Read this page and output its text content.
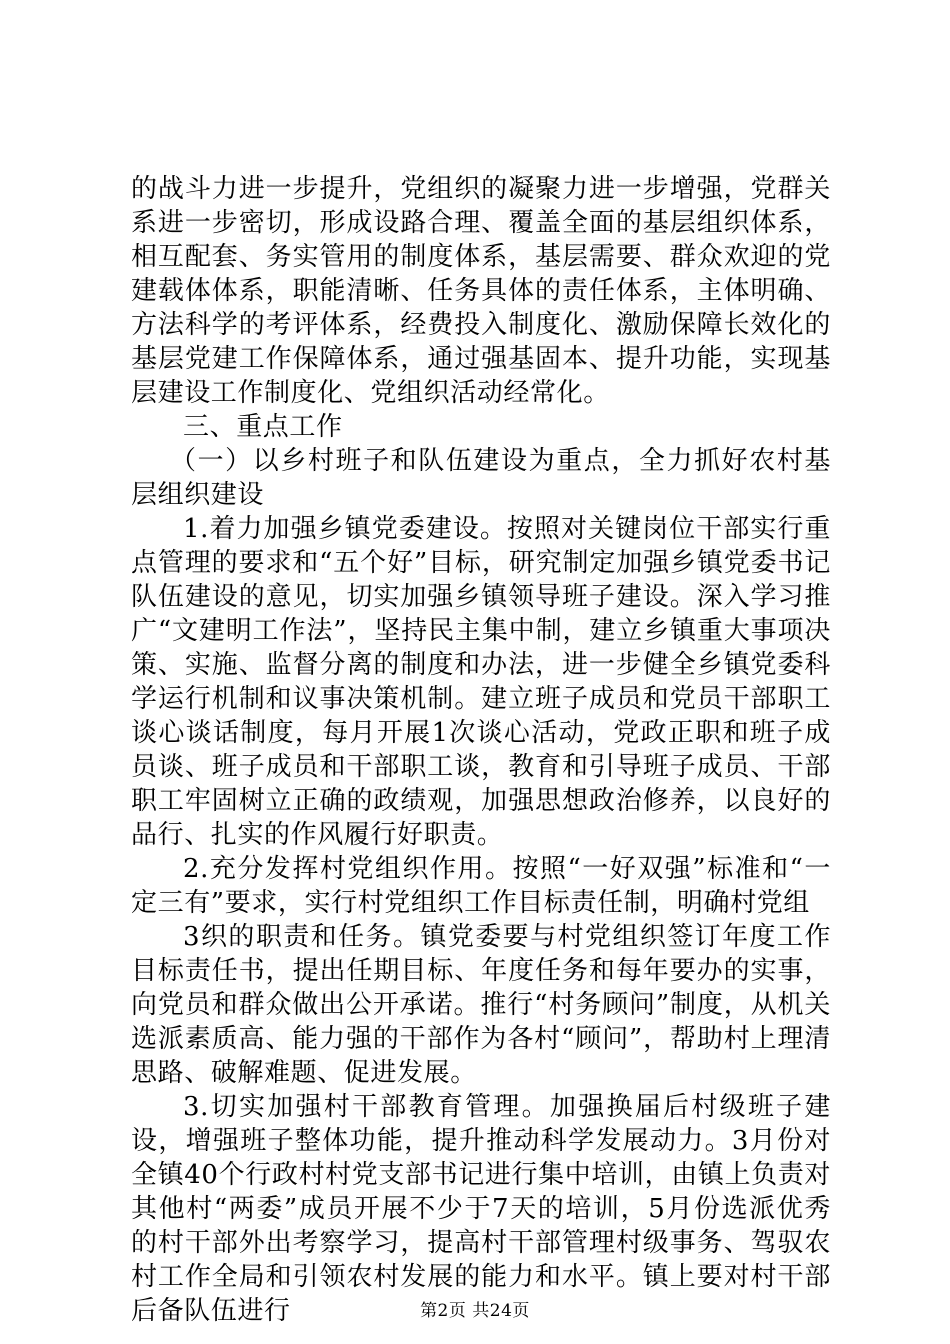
的战斗力进一步提升，党组织的凝聚力进一步增强，党群关系进一步密切，形成设路合理、覆盖全面的基层组织体系，相互配套、务实管用的制度体系，基层需要、群众欢迎的党建载体体系，职能清晰、任务具体的责任体系，主体明确、方法科学的考评体系，经费投入制度化、激励保障长效化的基层党建工作保障体系，通过强基固本、提升功能，实现基层建设工作制度化、党组织活动经常化。

三、重点工作

（一）以乡村班子和队伍建设为重点，全力抓好农村基层组织建设

1.着力加强乡镇党委建设。按照对关键岗位干部实行重点管理的要求和“五个好”目标，研究制定加强乡镇党委书记队伍建设的意见，切实加强乡镇领导班子建设。深入学习推广“文建明工作法”，坚持民主集中制，建立乡镇重大事项决策、实施、监督分离的制度和办法，进一步健全乡镇党委科学运行机制和议事决策机制。建立班子成员和党员干部职工谈心谈话制度，每月开展1次谈心活动，党政正职和班子成员谈、班子成员和干部职工谈，教育和引导班子成员、干部职工牢固树立正确的政绩观，加强思想政治修养，以良好的品行、扎实的作风履行好职责。

2.充分发挥村党组织作用。按照“一好双强”标准和“一定三有”要求，实行村党组织工作目标责任制，明确村党组

3织的职责和任务。镇党委要与村党组织签订年度工作目标责任书，提出任期目标、年度任务和每年要办的实事，向党员和群众做出公开承诺。推行“村务顾问”制度，从机关选派素质高、能力强的干部作为各村“顾问”，帮助村上理清思路、破解难题、促进发展。

3.切实加强村干部教育管理。加强换届后村级班子建设，增强班子整体功能，提升推动科学发展动力。3月份对全镇40个行政村村党支部书记进行集中培训，由镇上负责对其他村“两委”成员开展不少于7天的培训，5月份选派优秀的村干部外出考察学习，提高村干部管理村级事务、驾驭农村工作全局和引领农村发展的能力和水平。镇上要对村干部后备队伍进行	第2页 共24页
